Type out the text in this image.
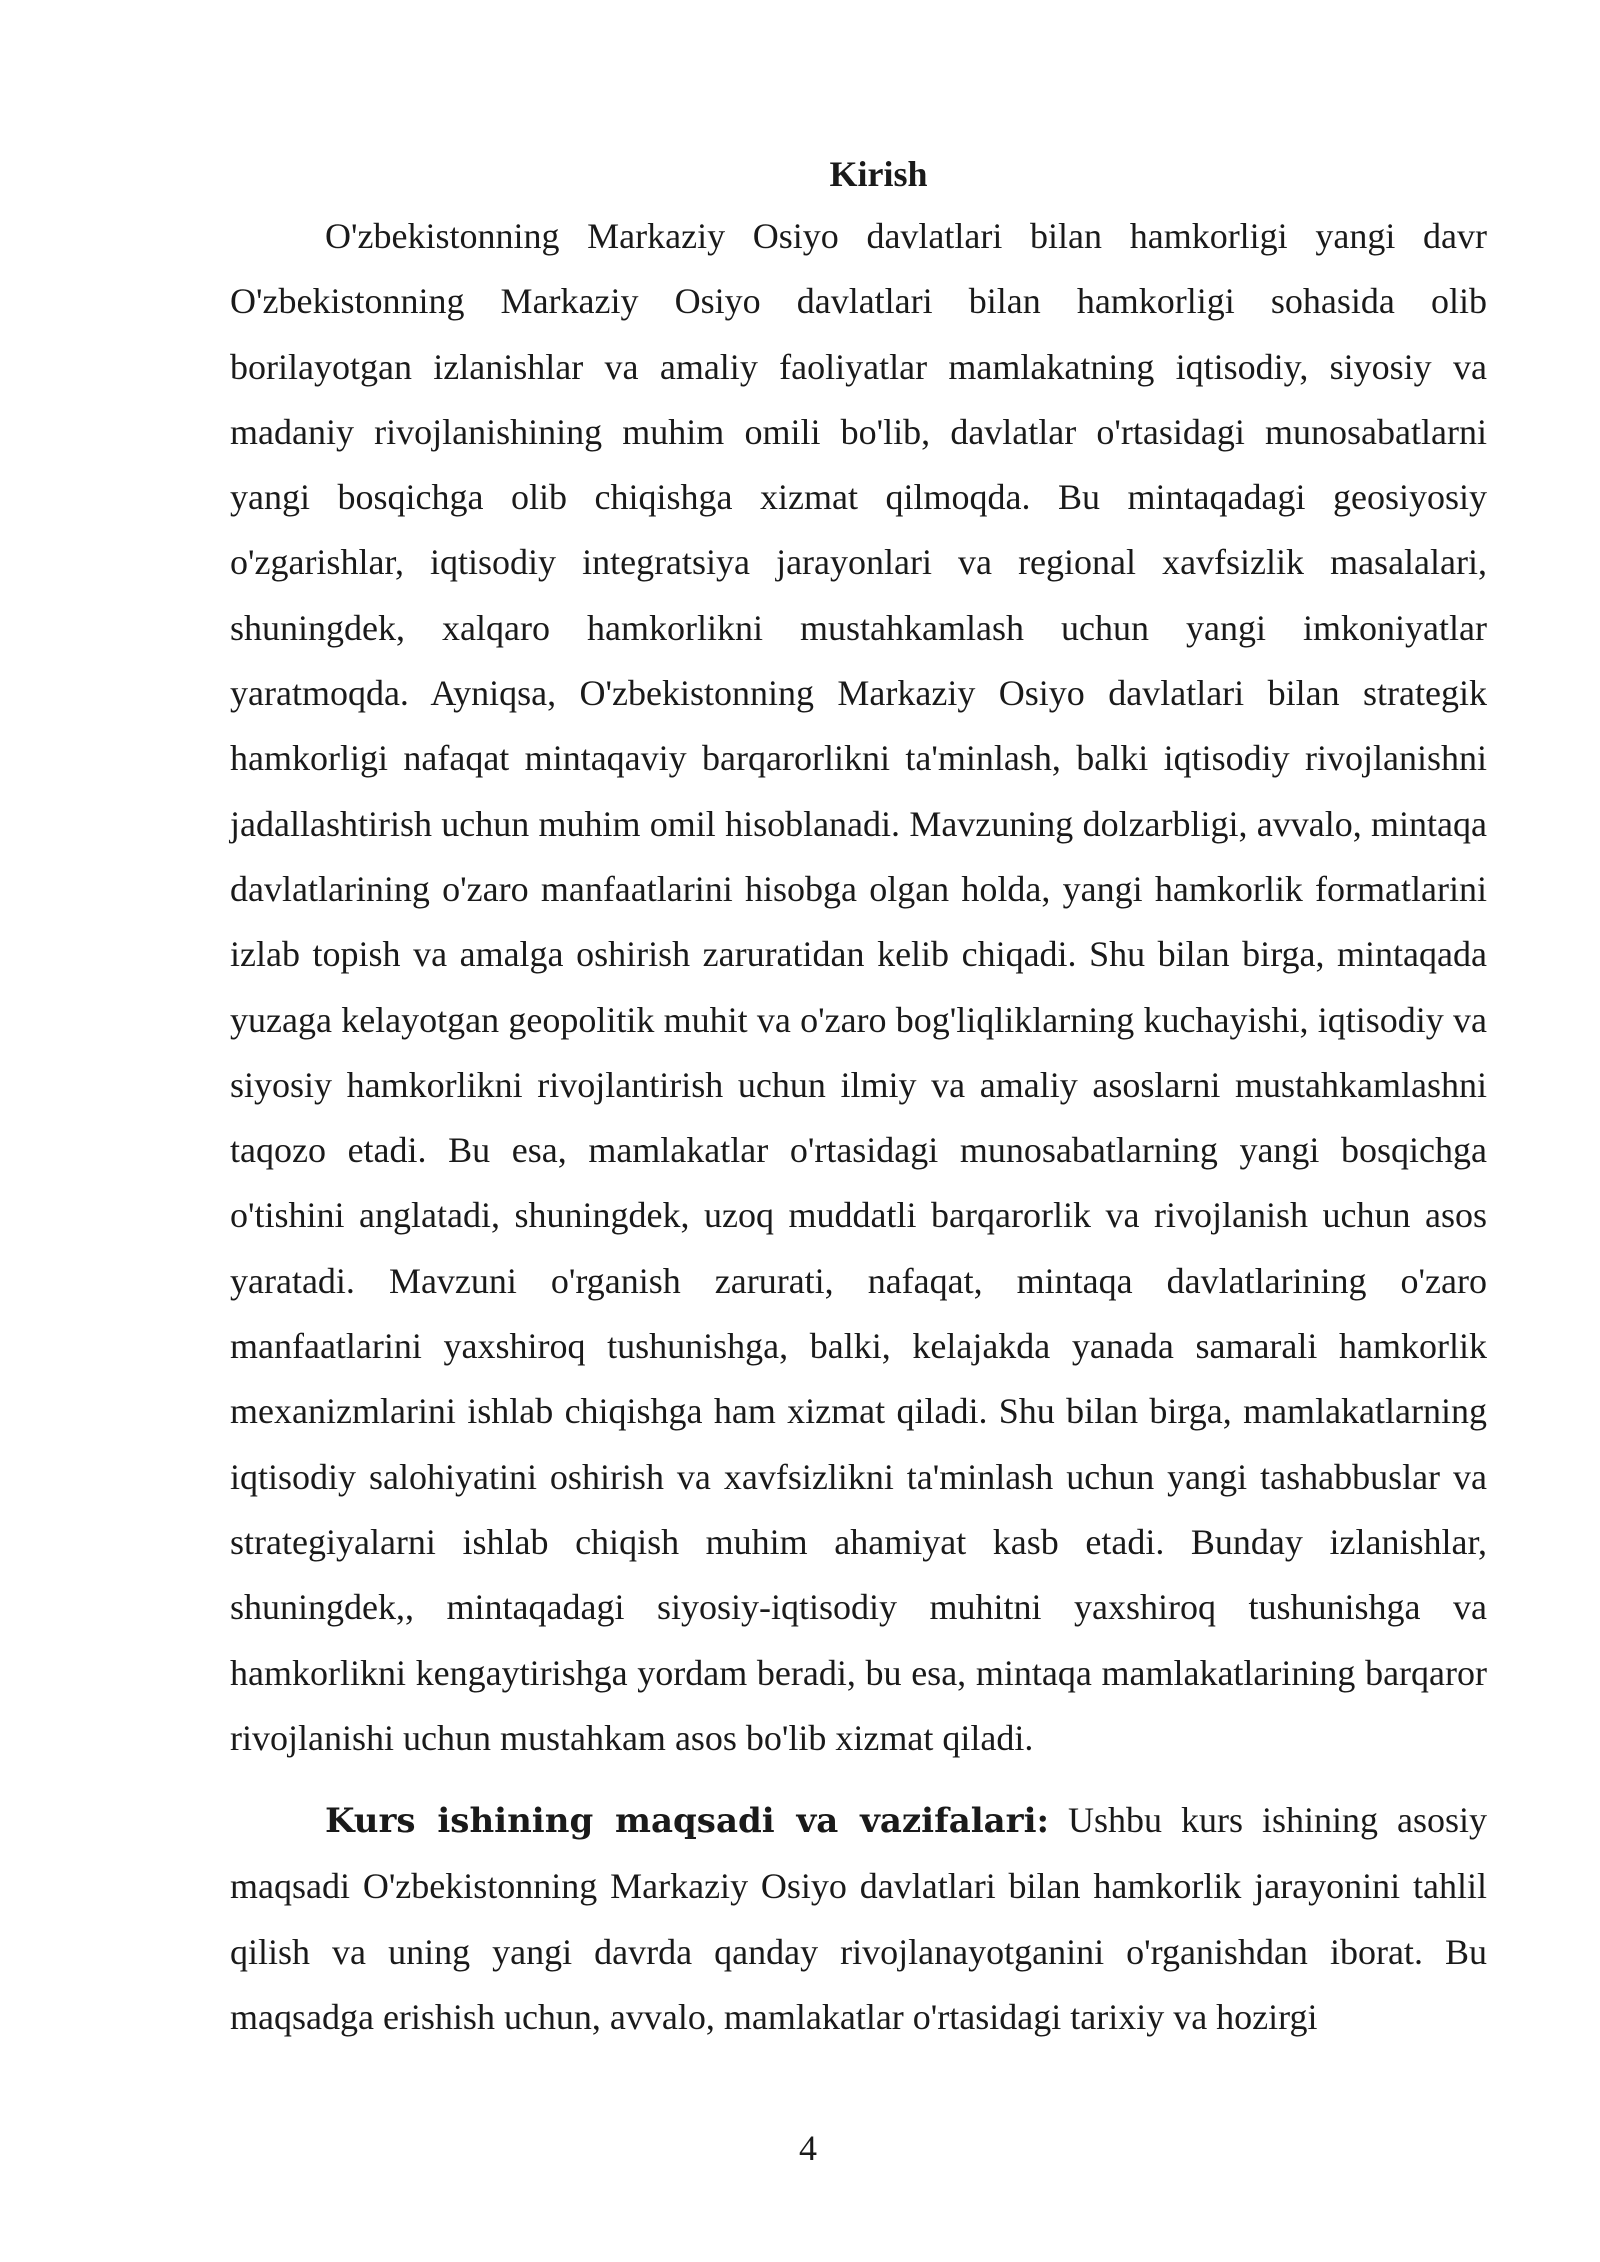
Kirish

O'zbekistonning Markaziy Osiyo davlatlari bilan hamkorligi yangi davr O'zbekistonning Markaziy Osiyo davlatlari bilan hamkorligi sohasida olib borilayotgan izlanishlar va amaliy faoliyatlar mamlakatning iqtisodiy, siyosiy va madaniy rivojlanishining muhim omili bo'lib, davlatlar o'rtasidagi munosabatlarni yangi bosqichga olib chiqishga xizmat qilmoqda. Bu mintaqadagi geosiyosiy o'zgarishlar, iqtisodiy integratsiya jarayonlari va regional xavfsizlik masalalari, shuningdek, xalqaro hamkorlikni mustahkamlash uchun yangi imkoniyatlar yaratmoqda. Ayniqsa, O'zbekistonning Markaziy Osiyo davlatlari bilan strategik hamkorligi nafaqat mintaqaviy barqarorlikni ta'minlash, balki iqtisodiy rivojlanishni jadallashtirish uchun muhim omil hisoblanadi. Mavzuning dolzarbligi, avvalo, mintaqa davlatlarining o'zaro manfaatlarini hisobga olgan holda, yangi hamkorlik formatlarini izlab topish va amalga oshirish zaruratidan kelib chiqadi. Shu bilan birga, mintaqada yuzaga kelayotgan geopolitik muhit va o'zaro bog'liqliklarning kuchayishi, iqtisodiy va siyosiy hamkorlikni rivojlantirish uchun ilmiy va amaliy asoslarni mustahkamlashni taqozo etadi. Bu esa, mamlakatlar o'rtasidagi munosabatlarning yangi bosqichga o'tishini anglatadi, shuningdek, uzoq muddatli barqarorlik va rivojlanish uchun asos yaratadi. Mavzuni o'rganish zarurati, nafaqat, mintaqa davlatlarining o'zaro manfaatlarini yaxshiroq tushunishga, balki, kelajakda yanada samarali hamkorlik mexanizmlarini ishlab chiqishga ham xizmat qiladi. Shu bilan birga, mamlakatlarning iqtisodiy salohiyatini oshirish va xavfsizlikni ta'minlash uchun yangi tashabbuslar va strategiyalarni ishlab chiqish muhim ahamiyat kasb etadi. Bunday izlanishlar, shuningdek,, mintaqadagi siyosiy-iqtisodiy muhitni yaxshiroq tushunishga va hamkorlikni kengaytirishga yordam beradi, bu esa, mintaqa mamlakatlarining barqaror rivojlanishi uchun mustahkam asos bo'lib xizmat qiladi.

Kurs ishining maqsadi va vazifalari: Ushbu kurs ishining asosiy maqsadi O'zbekistonning Markaziy Osiyo davlatlari bilan hamkorlik jarayonini tahlil qilish va uning yangi davrda qanday rivojlanayotganini o'rganishdan iborat. Bu maqsadga erishish uchun, avvalo, mamlakatlar o'rtasidagi tarixiy va hozirgi

4
